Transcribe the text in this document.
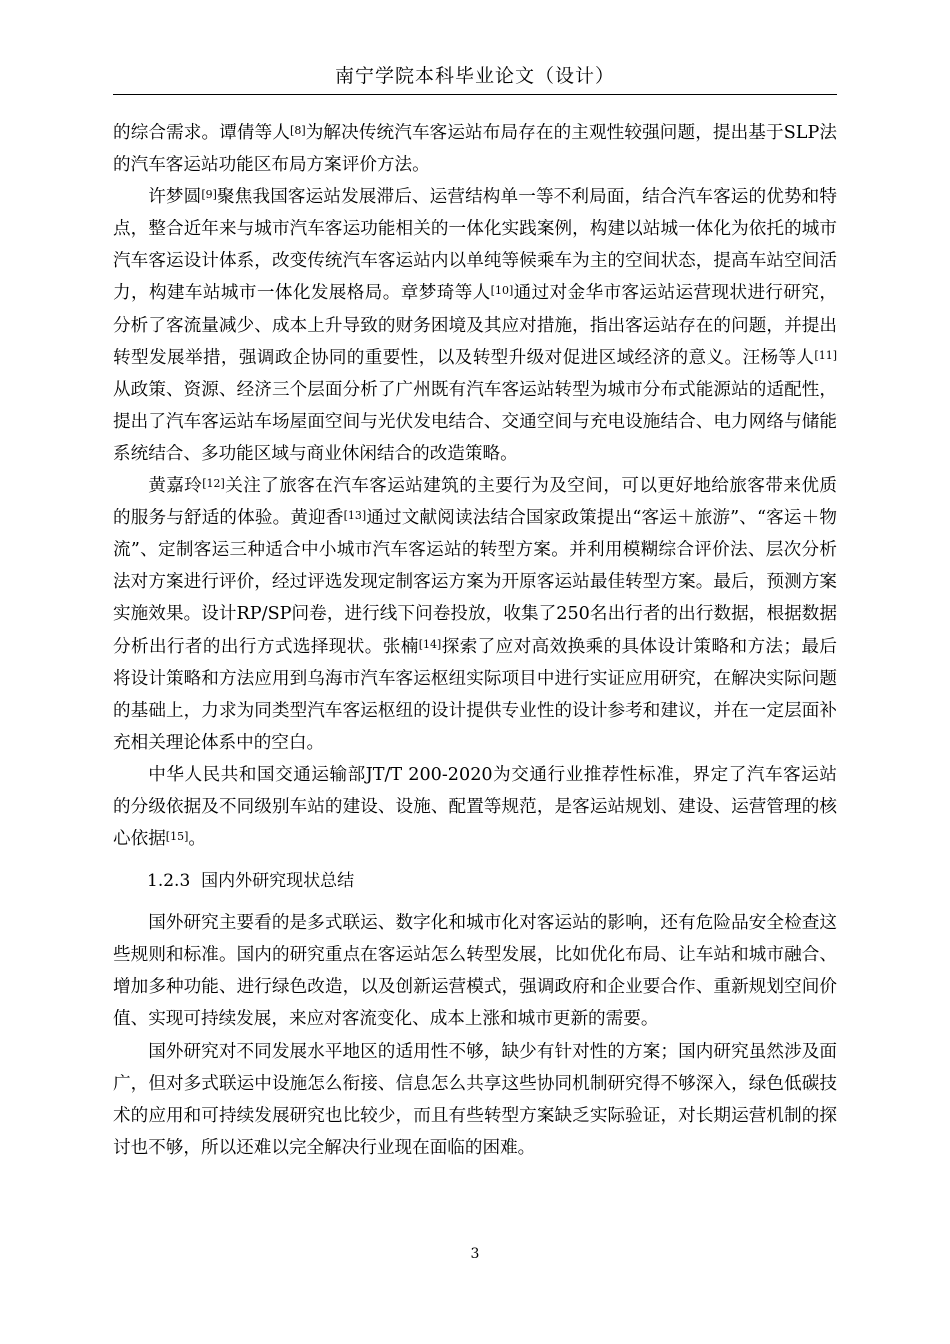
南宁学院本科毕业论文（设计）

的综合需求。谭倩等人[8]为解决传统汽车客运站布局存在的主观性较强问题，提出基于SLP法的汽车客运站功能区布局方案评价方法。

许梦圆[9]聚焦我国客运站发展滞后、运营结构单一等不利局面，结合汽车客运的优势和特点，整合近年来与城市汽车客运功能相关的一体化实践案例，构建以站城一体化为依托的城市汽车客运设计体系，改变传统汽车客运站内以单纯等候乘车为主的空间状态，提高车站空间活力，构建车站城市一体化发展格局。章梦琦等人[10]通过对金华市客运站运营现状进行研究，分析了客流量减少、成本上升导致的财务困境及其应对措施，指出客运站存在的问题，并提出转型发展举措，强调政企协同的重要性，以及转型升级对促进区域经济的意义。汪杨等人[11]从政策、资源、经济三个层面分析了广州既有汽车客运站转型为城市分布式能源站的适配性，提出了汽车客运站车场屋面空间与光伏发电结合、交通空间与充电设施结合、电力网络与储能系统结合、多功能区域与商业休闲结合的改造策略。

黄嘉玲[12]关注了旅客在汽车客运站建筑的主要行为及空间，可以更好地给旅客带来优质的服务与舒适的体验。黄迎香[13]通过文献阅读法结合国家政策提出“客运＋旅游”、“客运＋物流”、定制客运三种适合中小城市汽车客运站的转型方案。并利用模糊综合评价法、层次分析法对方案进行评价，经过评选发现定制客运方案为开原客运站最佳转型方案。最后，预测方案实施效果。设计RP/SP问卷，进行线下问卷投放，收集了250名出行者的出行数据，根据数据分析出行者的出行方式选择现状。张楠[14]探索了应对高效换乘的具体设计策略和方法；最后将设计策略和方法应用到乌海市汽车客运枢纽实际项目中进行实证应用研究，在解决实际问题的基础上，力求为同类型汽车客运枢纽的设计提供专业性的设计参考和建议，并在一定层面补充相关理论体系中的空白。

中华人民共和国交通运输部JT/T 200-2020为交通行业推荐性标准，界定了汽车客运站的分级依据及不同级别车站的建设、设施、配置等规范，是客运站规划、建设、运营管理的核心依据[15]。

1.2.3 国内外研究现状总结

国外研究主要看的是多式联运、数字化和城市化对客运站的影响，还有危险品安全检查这些规则和标准。国内的研究重点在客运站怎么转型发展，比如优化布局、让车站和城市融合、增加多种功能、进行绿色改造，以及创新运营模式，强调政府和企业要合作、重新规划空间价值、实现可持续发展，来应对客流变化、成本上涨和城市更新的需要。

国外研究对不同发展水平地区的适用性不够，缺少有针对性的方案；国内研究虽然涉及面广，但对多式联运中设施怎么衔接、信息怎么共享这些协同机制研究得不够深入，绿色低碳技术的应用和可持续发展研究也比较少，而且有些转型方案缺乏实际验证，对长期运营机制的探讨也不够，所以还难以完全解决行业现在面临的困难。

3
